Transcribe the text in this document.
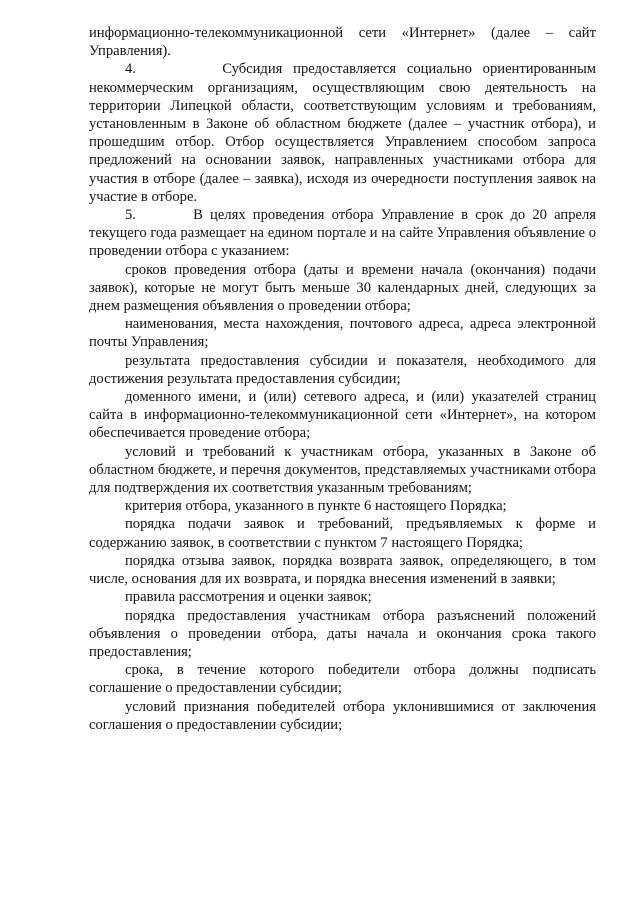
информационно-телекоммуникационной сети «Интернет» (далее – сайт Управления).

4.        Субсидия предоставляется социально ориентированным некоммерческим организациям, осуществляющим свою деятельность на территории Липецкой области, соответствующим условиям и требованиям, установленным в Законе об областном бюджете (далее – участник отбора), и прошедшим отбор. Отбор осуществляется Управлением способом запроса предложений на основании заявок, направленных участниками отбора для участия в отборе (далее – заявка), исходя из очередности поступления заявок на участие в отборе.

5.        В целях проведения отбора Управление в срок до 20 апреля текущего года размещает на едином портале и на сайте Управления объявление о проведении отбора с указанием:

сроков проведения отбора (даты и времени начала (окончания) подачи заявок), которые не могут быть меньше 30 календарных дней, следующих за днем размещения объявления о проведении отбора;

наименования, места нахождения, почтового адреса, адреса электронной почты Управления;

результата предоставления субсидии и показателя, необходимого для достижения результата предоставления субсидии;

доменного имени, и (или) сетевого адреса, и (или) указателей страниц сайта в информационно-телекоммуникационной сети «Интернет», на котором обеспечивается проведение отбора;

условий и требований к участникам отбора, указанных в Законе об областном бюджете, и перечня документов, представляемых участниками отбора для подтверждения их соответствия указанным требованиям;

критерия отбора, указанного в пункте 6 настоящего Порядка;

порядка подачи заявок и требований, предъявляемых к форме и содержанию заявок, в соответствии с пунктом 7 настоящего Порядка;

порядка отзыва заявок, порядка возврата заявок, определяющего, в том числе, основания для их возврата, и порядка внесения изменений в заявки;

правила рассмотрения и оценки заявок;

порядка предоставления участникам отбора разъяснений положений объявления о проведении отбора, даты начала и окончания срока такого предоставления;

срока, в течение которого победители отбора должны подписать соглашение о предоставлении субсидии;

условий признания победителей отбора уклонившимися от заключения соглашения о предоставлении субсидии;
